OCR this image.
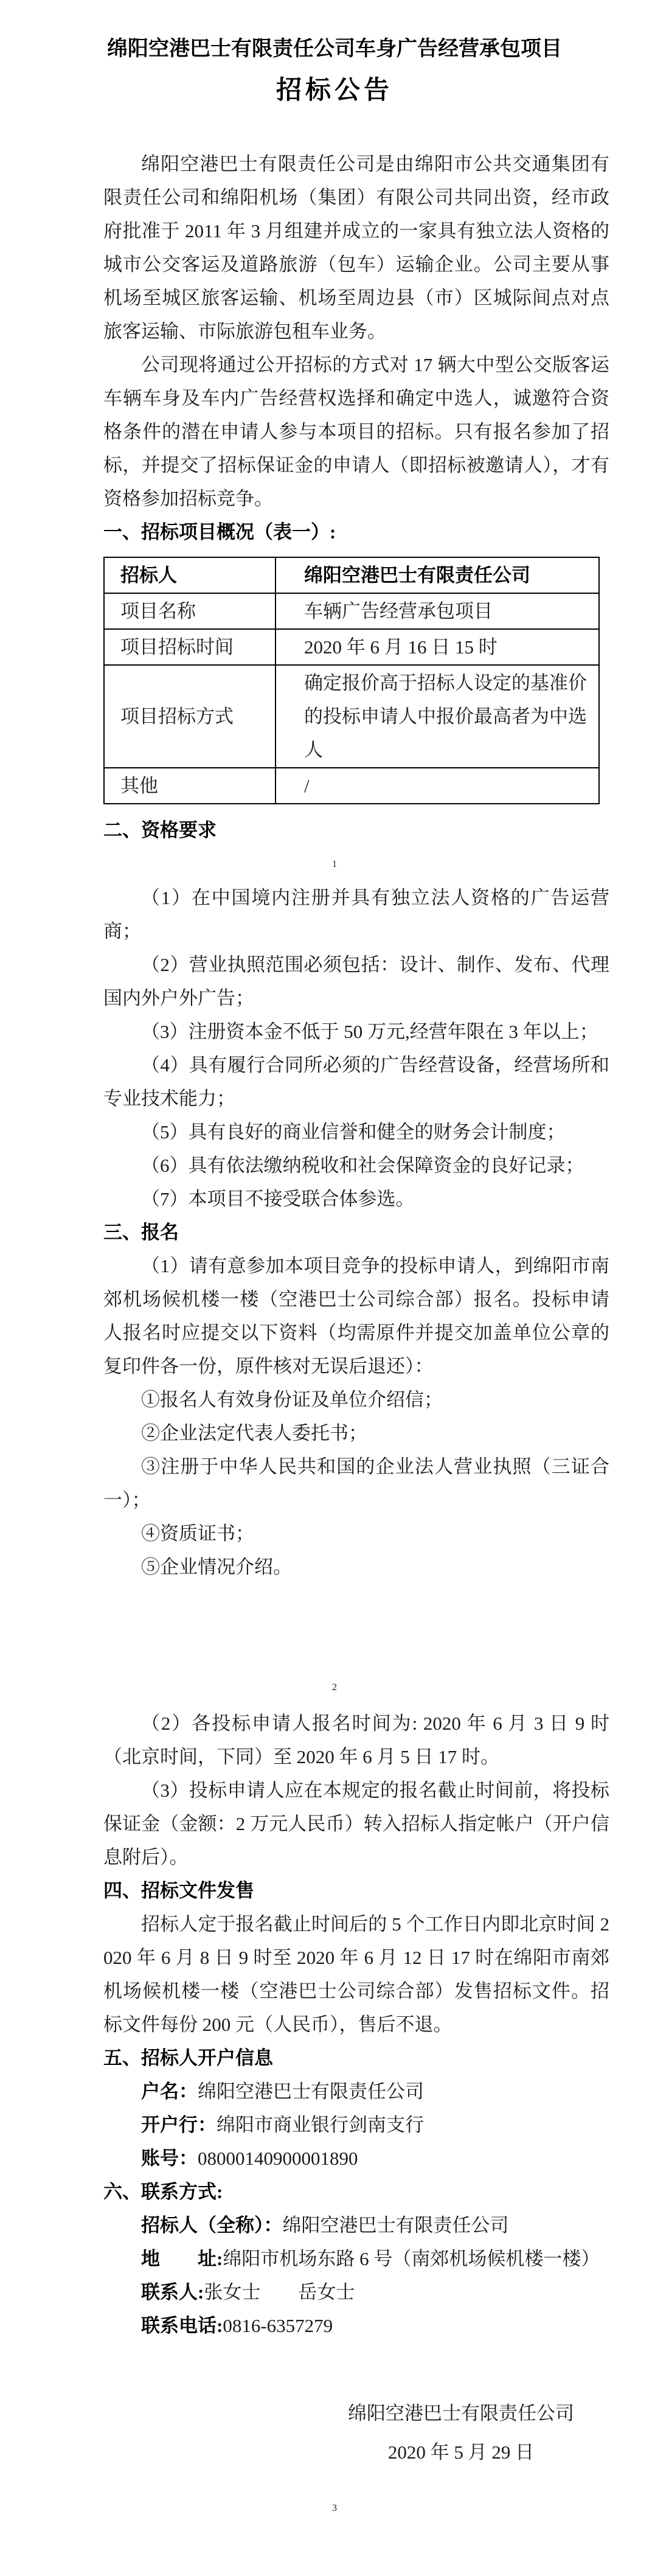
绵阳空港巴士有限责任公司车身广告经营承包项目
招标公告

绵阳空港巴士有限责任公司是由绵阳市公共交通集团有限责任公司和绵阳机场（集团）有限公司共同出资，经市政府批准于 2011 年 3 月组建并成立的一家具有独立法人资格的城市公交客运及道路旅游（包车）运输企业。公司主要从事机场至城区旅客运输、机场至周边县（市）区城际间点对点旅客运输、市际旅游包租车业务。

公司现将通过公开招标的方式对 17 辆大中型公交版客运车辆车身及车内广告经营权选择和确定中选人，诚邀符合资格条件的潜在申请人参与本项目的招标。只有报名参加了招标，并提交了招标保证金的申请人（即招标被邀请人），才有资格参加招标竞争。

一、招标项目概况（表一）:

招标人	绵阳空港巴士有限责任公司
项目名称	车辆广告经营承包项目
项目招标时间	2020 年 6 月 16 日 15 时
项目招标方式	确定报价高于招标人设定的基准价的投标申请人中报价最高者为中选人
其他	/

二、资格要求

1

（1）在中国境内注册并具有独立法人资格的广告运营商；

（2）营业执照范围必须包括：设计、制作、发布、代理国内外户外广告；

（3）注册资本金不低于 50 万元,经营年限在 3 年以上；

（4）具有履行合同所必须的广告经营设备，经营场所和专业技术能力；

（5）具有良好的商业信誉和健全的财务会计制度；

（6）具有依法缴纳税收和社会保障资金的良好记录；

（7）本项目不接受联合体参选。

三、报名

（1）请有意参加本项目竞争的投标申请人，到绵阳市南郊机场候机楼一楼（空港巴士公司综合部）报名。投标申请人报名时应提交以下资料（均需原件并提交加盖单位公章的复印件各一份，原件核对无误后退还）：

①报名人有效身份证及单位介绍信；

②企业法定代表人委托书；

③注册于中华人民共和国的企业法人营业执照（三证合一）；

④资质证书；

⑤企业情况介绍。

2

（2）各投标申请人报名时间为: 2020 年 6 月 3 日 9 时（北京时间，下同）至 2020 年 6 月 5 日 17 时。

（3）投标申请人应在本规定的报名截止时间前，将投标保证金（金额：2 万元人民币）转入招标人指定帐户（开户信息附后）。

四、招标文件发售

招标人定于报名截止时间后的 5 个工作日内即北京时间 2020 年 6 月 8 日 9 时至 2020 年 6 月 12 日 17 时在绵阳市南郊机场候机楼一楼（空港巴士公司综合部）发售招标文件。招标文件每份 200 元（人民币），售后不退。

五、招标人开户信息

户名：绵阳空港巴士有限责任公司

开户行：绵阳市商业银行剑南支行

账号：08000140900001890

六、联系方式:

招标人（全称）：绵阳空港巴士有限责任公司

地　　址:绵阳市机场东路 6 号（南郊机场候机楼一楼）

联系人:张女士　　岳女士

联系电话:0816-6357279

绵阳空港巴士有限责任公司
2020 年 5 月 29 日
3
